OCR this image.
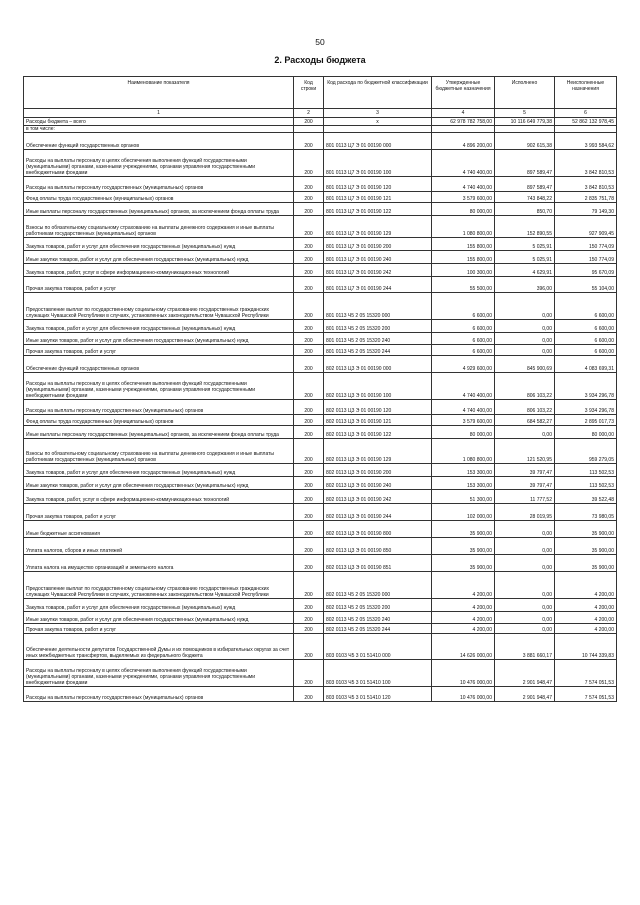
50
2. Расходы бюджета
Наименование показателя	Код строки	Код расхода по бюджетной классификации	Утвержденные бюджетные назначения	Исполнено	Неисполненные назначения
1	2	3	4	5	6
Расходы бюджета – всего	200	x	62 978 782 758,00	10 116 649 779,38	52 862 132 978,45
в том числе:					
Обеспечение функций государственных органов	200	801 0113 Ц7 Э 01 00190 000	4 896 200,00	902 615,38	3 993 584,62
Расходы на выплаты персоналу в целях обеспечения выполнения функций государственными (муниципальными) органами, казенными учреждениями, органами управления государственными внебюджетными фондами	200	801 0113 Ц7 Э 01 00190 100	4 740 400,00	897 589,47	3 842 810,53
Расходы на выплаты персоналу государственных (муниципальных) органов	200	801 0113 Ц7 Э 01 00190 120	4 740 400,00	897 589,47	3 842 810,53
Фонд оплаты труда государственных (муниципальных) органов	200	801 0113 Ц7 Э 01 00190 121	3 579 600,00	743 848,22	2 835 751,78
Иные выплаты персоналу государственных (муниципальных) органов, за исключением фонда оплаты труда	200	801 0113 Ц7 Э 01 00190 122	80 000,00	850,70	79 149,30
Взносы по обязательному социальному страхованию на выплаты денежного содержания и иные выплаты работникам государственных (муниципальных) органов	200	801 0113 Ц7 Э 01 00190 129	1 080 800,00	152 890,55	927 909,45
Закупка товаров, работ и услуг для обеспечения государственных (муниципальных) нужд	200	801 0113 Ц7 Э 01 00190 200	155 800,00	5 025,91	150 774,09
Иные закупки товаров, работ и услуг для обеспечения государственных (муниципальных) нужд	200	801 0113 Ц7 Э 01 00190 240	155 800,00	5 025,91	150 774,09
Закупка товаров, работ, услуг в сфере информационно-коммуникационных технологий	200	801 0113 Ц7 Э 01 00190 242	100 300,00	4 629,91	95 670,09
Прочая закупка товаров, работ и услуг	200	801 0113 Ц7 Э 01 00190 244	55 500,00	396,00	55 104,00
Предоставление выплат по государственному социальному страхованию государственных гражданских служащих Чувашской Республики в случаях, установленных законодательством Чувашской Республики	200	801 0113 Ч5 2 05 15320 000	6 600,00	0,00	6 600,00
Закупка товаров, работ и услуг для обеспечения государственных (муниципальных) нужд	200	801 0113 Ч5 2 05 15320 200	6 600,00	0,00	6 600,00
Иные закупки товаров, работ и услуг для обеспечения государственных (муниципальных) нужд	200	801 0113 Ч5 2 05 15320 240	6 600,00	0,00	6 600,00
Прочая закупка товаров, работ и услуг	200	801 0113 Ч5 2 05 15320 244	6 600,00	0,00	6 600,00
Обеспечение функций государственных органов	200	802 0113 Ц3 Э 01 00190 000	4 929 600,00	845 900,69	4 083 699,31
Расходы на выплаты персоналу в целях обеспечения выполнения функций государственными (муниципальными) органами, казенными учреждениями, органами управления государственными внебюджетными фондами	200	802 0113 Ц3 Э 01 00190 100	4 740 400,00	806 103,22	3 934 296,78
Расходы на выплаты персоналу государственных (муниципальных) органов	200	802 0113 Ц3 Э 01 00190 120	4 740 400,00	806 103,22	3 934 296,78
Фонд оплаты труда государственных (муниципальных) органов	200	802 0113 Ц3 Э 01 00190 121	3 579 600,00	684 582,27	2 895 017,73
Иные выплаты персоналу государственных (муниципальных) органов, за исключением фонда оплаты труда	200	802 0113 Ц3 Э 01 00190 122	80 000,00	0,00	80 000,00
Взносы по обязательному социальному страхованию на выплаты денежного содержания и иные выплаты работникам государственных (муниципальных) органов	200	802 0113 Ц3 Э 01 00190 129	1 080 800,00	121 520,95	959 279,05
Закупка товаров, работ и услуг для обеспечения государственных (муниципальных) нужд	200	802 0113 Ц3 Э 01 00190 200	153 300,00	39 797,47	113 502,53
Иные закупки товаров, работ и услуг для обеспечения государственных (муниципальных) нужд	200	802 0113 Ц3 Э 01 00190 240	153 300,00	39 797,47	113 502,53
Закупка товаров, работ, услуг в сфере информационно-коммуникационных технологий	200	802 0113 Ц3 Э 01 00190 242	51 300,00	11 777,52	39 522,48
Прочая закупка товаров, работ и услуг	200	802 0113 Ц3 Э 01 00190 244	102 000,00	28 019,95	73 980,05
Иные бюджетные ассигнования	200	802 0113 Ц3 Э 01 00190 800	35 900,00	0,00	35 900,00
Уплата налогов, сборов и иных платежей	200	802 0113 Ц3 Э 01 00190 850	35 900,00	0,00	35 900,00
Уплата налога на имущество организаций и земельного налога	200	802 0113 Ц3 Э 01 00190 851	35 900,00	0,00	35 900,00
Предоставление выплат по государственному социальному страхованию государственных гражданских служащих Чувашской Республики в случаях, установленных законодательством Чувашской Республики	200	802 0113 Ч5 2 05 15320 000	4 200,00	0,00	4 200,00
Закупка товаров, работ и услуг для обеспечения государственных (муниципальных) нужд	200	802 0113 Ч5 2 05 15320 200	4 200,00	0,00	4 200,00
Иные закупки товаров, работ и услуг для обеспечения государственных (муниципальных) нужд	200	802 0113 Ч5 2 05 15320 240	4 200,00	0,00	4 200,00
Прочая закупка товаров, работ и услуг	200	802 0113 Ч5 2 05 15320 244	4 200,00	0,00	4 200,00
Обеспечение деятельности депутатов Государственной Думы и их помощников в избирательных округах за счет иных межбюджетных трансфертов, выделяемых из федерального бюджета	200	803 0103 Ч5 3 01 51410 000	14 626 000,00	3 881 660,17	10 744 339,83
Расходы на выплаты персоналу в целях обеспечения выполнения функций государственными (муниципальными) органами, казенными учреждениями, органами управления государственными внебюджетными фондами	200	803 0103 Ч5 3 01 51410 100	10 476 000,00	2 901 948,47	7 574 051,53
Расходы на выплаты персоналу государственных (муниципальных) органов	200	803 0103 Ч5 3 01 51410 120	10 476 000,00	2 901 948,47	7 574 051,53
